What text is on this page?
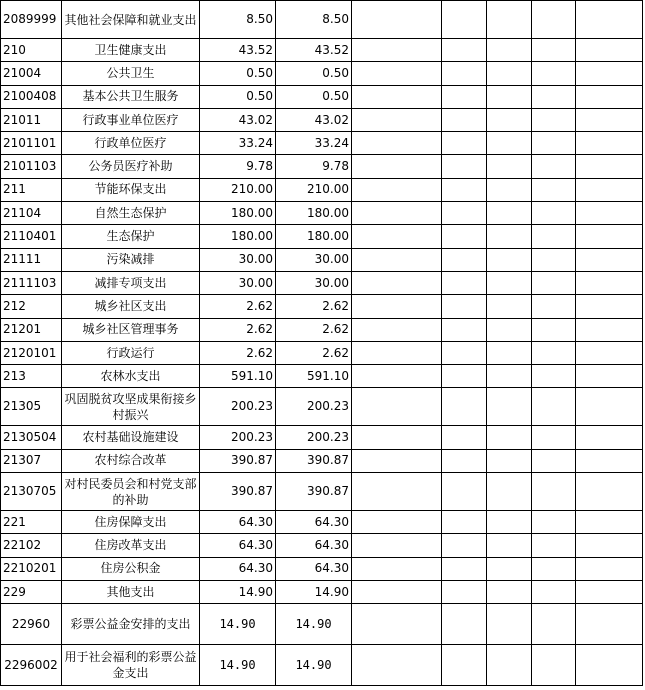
2089999	其他社会保障和就业支出	8.50	8.50					
210	卫生健康支出	43.52	43.52					
21004	公共卫生	0.50	0.50					
2100408	基本公共卫生服务	0.50	0.50					
21011	行政事业单位医疗	43.02	43.02					
2101101	行政单位医疗	33.24	33.24					
2101103	公务员医疗补助	9.78	9.78					
211	节能环保支出	210.00	210.00					
21104	自然生态保护	180.00	180.00					
2110401	生态保护	180.00	180.00					
21111	污染减排	30.00	30.00					
2111103	减排专项支出	30.00	30.00					
212	城乡社区支出	2.62	2.62					
21201	城乡社区管理事务	2.62	2.62					
2120101	行政运行	2.62	2.62					
213	农林水支出	591.10	591.10					
21305	巩固脱贫攻坚成果衔接乡村振兴	200.23	200.23					
2130504	农村基础设施建设	200.23	200.23					
21307	农村综合改革	390.87	390.87					
2130705	对村民委员会和村党支部的补助	390.87	390.87					
221	住房保障支出	64.30	64.30					
22102	住房改革支出	64.30	64.30					
2210201	住房公积金	64.30	64.30					
229	其他支出	14.90	14.90					
22960	彩票公益金安排的支出	14.90	14.90					
2296002	用于社会福利的彩票公益金支出	14.90	14.90					
